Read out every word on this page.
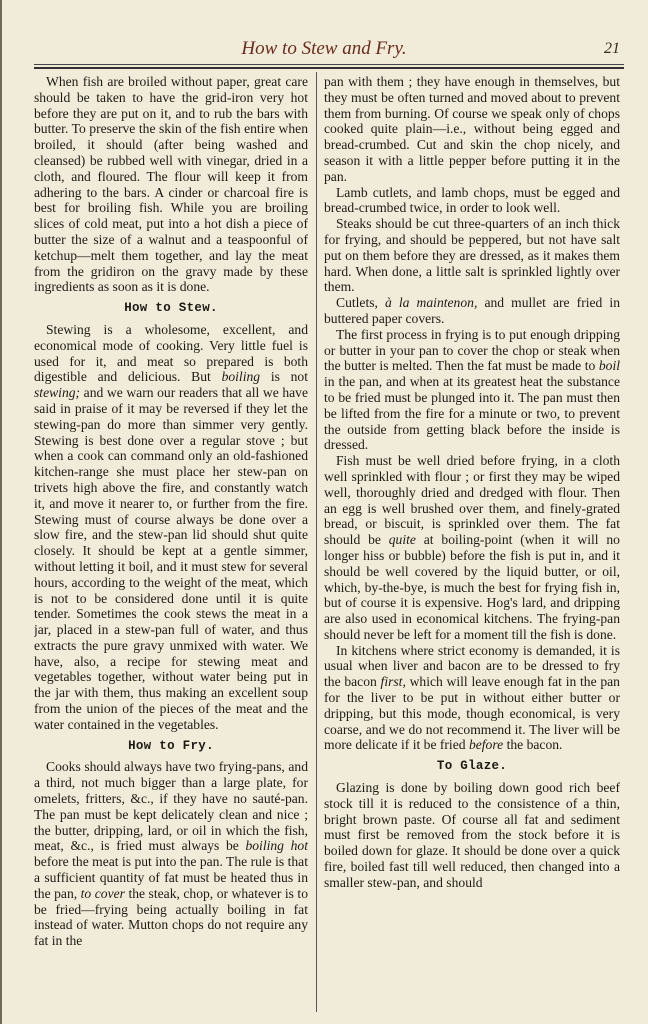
How to Stew and Fry.	21

When fish are broiled without paper, great care should be taken to have the grid-iron very hot before they are put on it, and to rub the bars with butter. To preserve the skin of the fish entire when broiled, it should (after being washed and cleansed) be rubbed well with vinegar, dried in a cloth, and floured. The flour will keep it from adhering to the bars. A cinder or charcoal fire is best for broiling fish. While you are broiling slices of cold meat, put into a hot dish a piece of butter the size of a walnut and a teaspoonful of ketchup—melt them together, and lay the meat from the gridiron on the gravy made by these ingredients as soon as it is done.

How to Stew.

Stewing is a wholesome, excellent, and economical mode of cooking. Very little fuel is used for it, and meat so prepared is both digestible and delicious. But boiling is not stewing; and we warn our readers that all we have said in praise of it may be reversed if they let the stewing-pan do more than simmer very gently. Stewing is best done over a regular stove ; but when a cook can command only an old-fashioned kitchen-range she must place her stew-pan on trivets high above the fire, and constantly watch it, and move it nearer to, or further from the fire. Stewing must of course always be done over a slow fire, and the stew-pan lid should shut quite closely. It should be kept at a gentle simmer, without letting it boil, and it must stew for several hours, according to the weight of the meat, which is not to be considered done until it is quite tender. Sometimes the cook stews the meat in a jar, placed in a stew-pan full of water, and thus extracts the pure gravy unmixed with water. We have, also, a recipe for stewing meat and vegetables together, without water being put in the jar with them, thus making an excellent soup from the union of the pieces of the meat and the water contained in the vegetables.

How to Fry.

Cooks should always have two frying-pans, and a third, not much bigger than a large plate, for omelets, fritters, &c., if they have no sauté-pan. The pan must be kept delicately clean and nice ; the butter, dripping, lard, or oil in which the fish, meat, &c., is fried must always be boiling hot before the meat is put into the pan. The rule is that a sufficient quantity of fat must be heated thus in the pan, to cover the steak, chop, or whatever is to be fried—frying being actually boiling in fat instead of water. Mutton chops do not require any fat in the

pan with them ; they have enough in themselves, but they must be often turned and moved about to prevent them from burning. Of course we speak only of chops cooked quite plain—i.e., without being egged and bread-crumbed. Cut and skin the chop nicely, and season it with a little pepper before putting it in the pan.

Lamb cutlets, and lamb chops, must be egged and bread-crumbed twice, in order to look well.

Steaks should be cut three-quarters of an inch thick for frying, and should be peppered, but not have salt put on them before they are dressed, as it makes them hard. When done, a little salt is sprinkled lightly over them.

Cutlets, à la maintenon, and mullet are fried in buttered paper covers.

The first process in frying is to put enough dripping or butter in your pan to cover the chop or steak when the butter is melted. Then the fat must be made to boil in the pan, and when at its greatest heat the substance to be fried must be plunged into it. The pan must then be lifted from the fire for a minute or two, to prevent the outside from getting black before the inside is dressed.

Fish must be well dried before frying, in a cloth well sprinkled with flour ; or first they may be wiped well, thoroughly dried and dredged with flour. Then an egg is well brushed over them, and finely-grated bread, or biscuit, is sprinkled over them. The fat should be quite at boiling-point (when it will no longer hiss or bubble) before the fish is put in, and it should be well covered by the liquid butter, or oil, which, by-the-bye, is much the best for frying fish in, but of course it is expensive. Hog's lard, and dripping are also used in economical kitchens. The frying-pan should never be left for a moment till the fish is done.

In kitchens where strict economy is demanded, it is usual when liver and bacon are to be dressed to fry the bacon first, which will leave enough fat in the pan for the liver to be put in without either butter or dripping, but this mode, though economical, is very coarse, and we do not recommend it. The liver will be more delicate if it be fried before the bacon.

To Glaze.

Glazing is done by boiling down good rich beef stock till it is reduced to the consistence of a thin, bright brown paste. Of course all fat and sediment must first be removed from the stock before it is boiled down for glaze. It should be done over a quick fire, boiled fast till well reduced, then changed into a smaller stew-pan, and should
